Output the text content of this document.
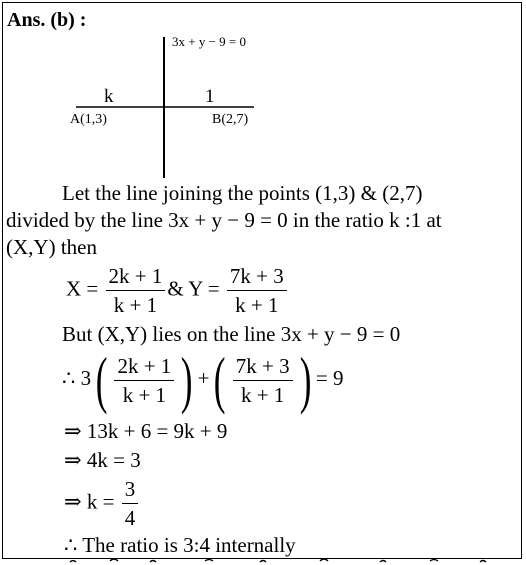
Ans. (b) :
3x + y − 9 = 0
k	1
A(1,3)	B(2,7)
Let the line joining the points (1,3) & (2,7)
divided by the line 3x + y − 9 = 0 in the ratio k :1 at
(X,Y) then
$X = \frac{2k + 1}{k + 1}$ & $Y = \frac{7k + 3}{k + 1}$
But (X,Y) lies on the line 3x + y − 9 = 0
∴ $3( \frac{2k + 1}{k + 1}$ ) +( $\frac{7k + 3}{k + 1}$ ) = 9
⇒ 13k + 6 = 9k + 9
⇒ 4k = 3
⇒ $k = \frac{3}{4}$
∴ The ratio is 3:4 internally
